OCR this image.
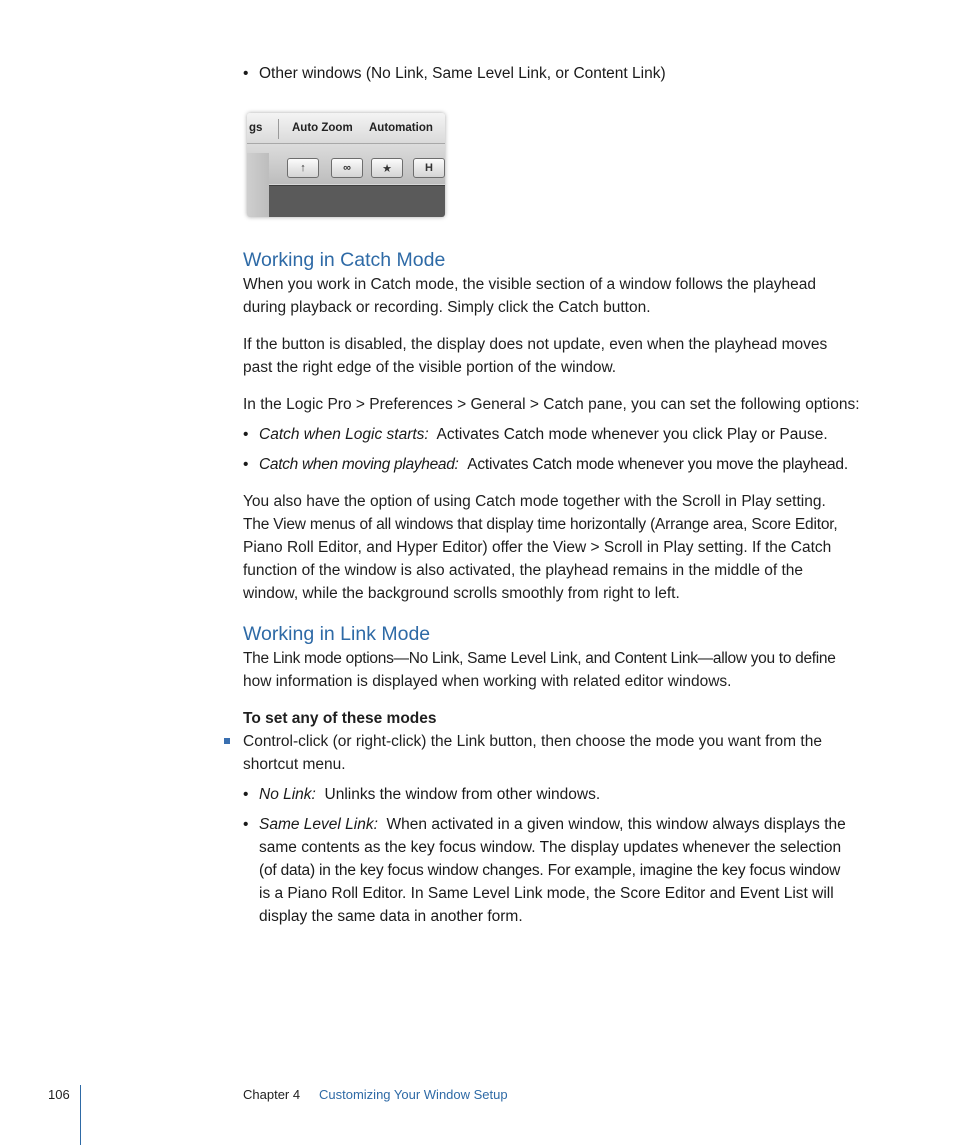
• Other windows (No Link, Same Level Link, or Content Link)
gs	Auto Zoom Automation
↑	∞	★	H
Working in Catch Mode
When you work in Catch mode, the visible section of a window follows the playhead
during playback or recording. Simply click the Catch button.
If the button is disabled, the display does not update, even when the playhead moves
past the right edge of the visible portion of the window.
In the Logic Pro > Preferences > General > Catch pane, you can set the following options:
• Catch when Logic starts: Activates Catch mode whenever you click Play or Pause.
• Catch when moving playhead: Activates Catch mode whenever you move the playhead.
You also have the option of using Catch mode together with the Scroll in Play setting.
The View menus of all windows that display time horizontally (Arrange area, Score Editor,
Piano Roll Editor, and Hyper Editor) offer the View > Scroll in Play setting. If the Catch
function of the window is also activated, the playhead remains in the middle of the
window, while the background scrolls smoothly from right to left.
Working in Link Mode
The Link mode options—No Link, Same Level Link, and Content Link—allow you to define
how information is displayed when working with related editor windows.
To set any of these modes
Control-click (or right-click) the Link button, then choose the mode you want from the
shortcut menu.
• No Link: Unlinks the window from other windows.
• Same Level Link: When activated in a given window, this window always displays the
same contents as the key focus window. The display updates whenever the selection
(of data) in the key focus window changes. For example, imagine the key focus window
is a Piano Roll Editor. In Same Level Link mode, the Score Editor and Event List will
display the same data in another form.
106	Chapter 4 Customizing Your Window Setup
